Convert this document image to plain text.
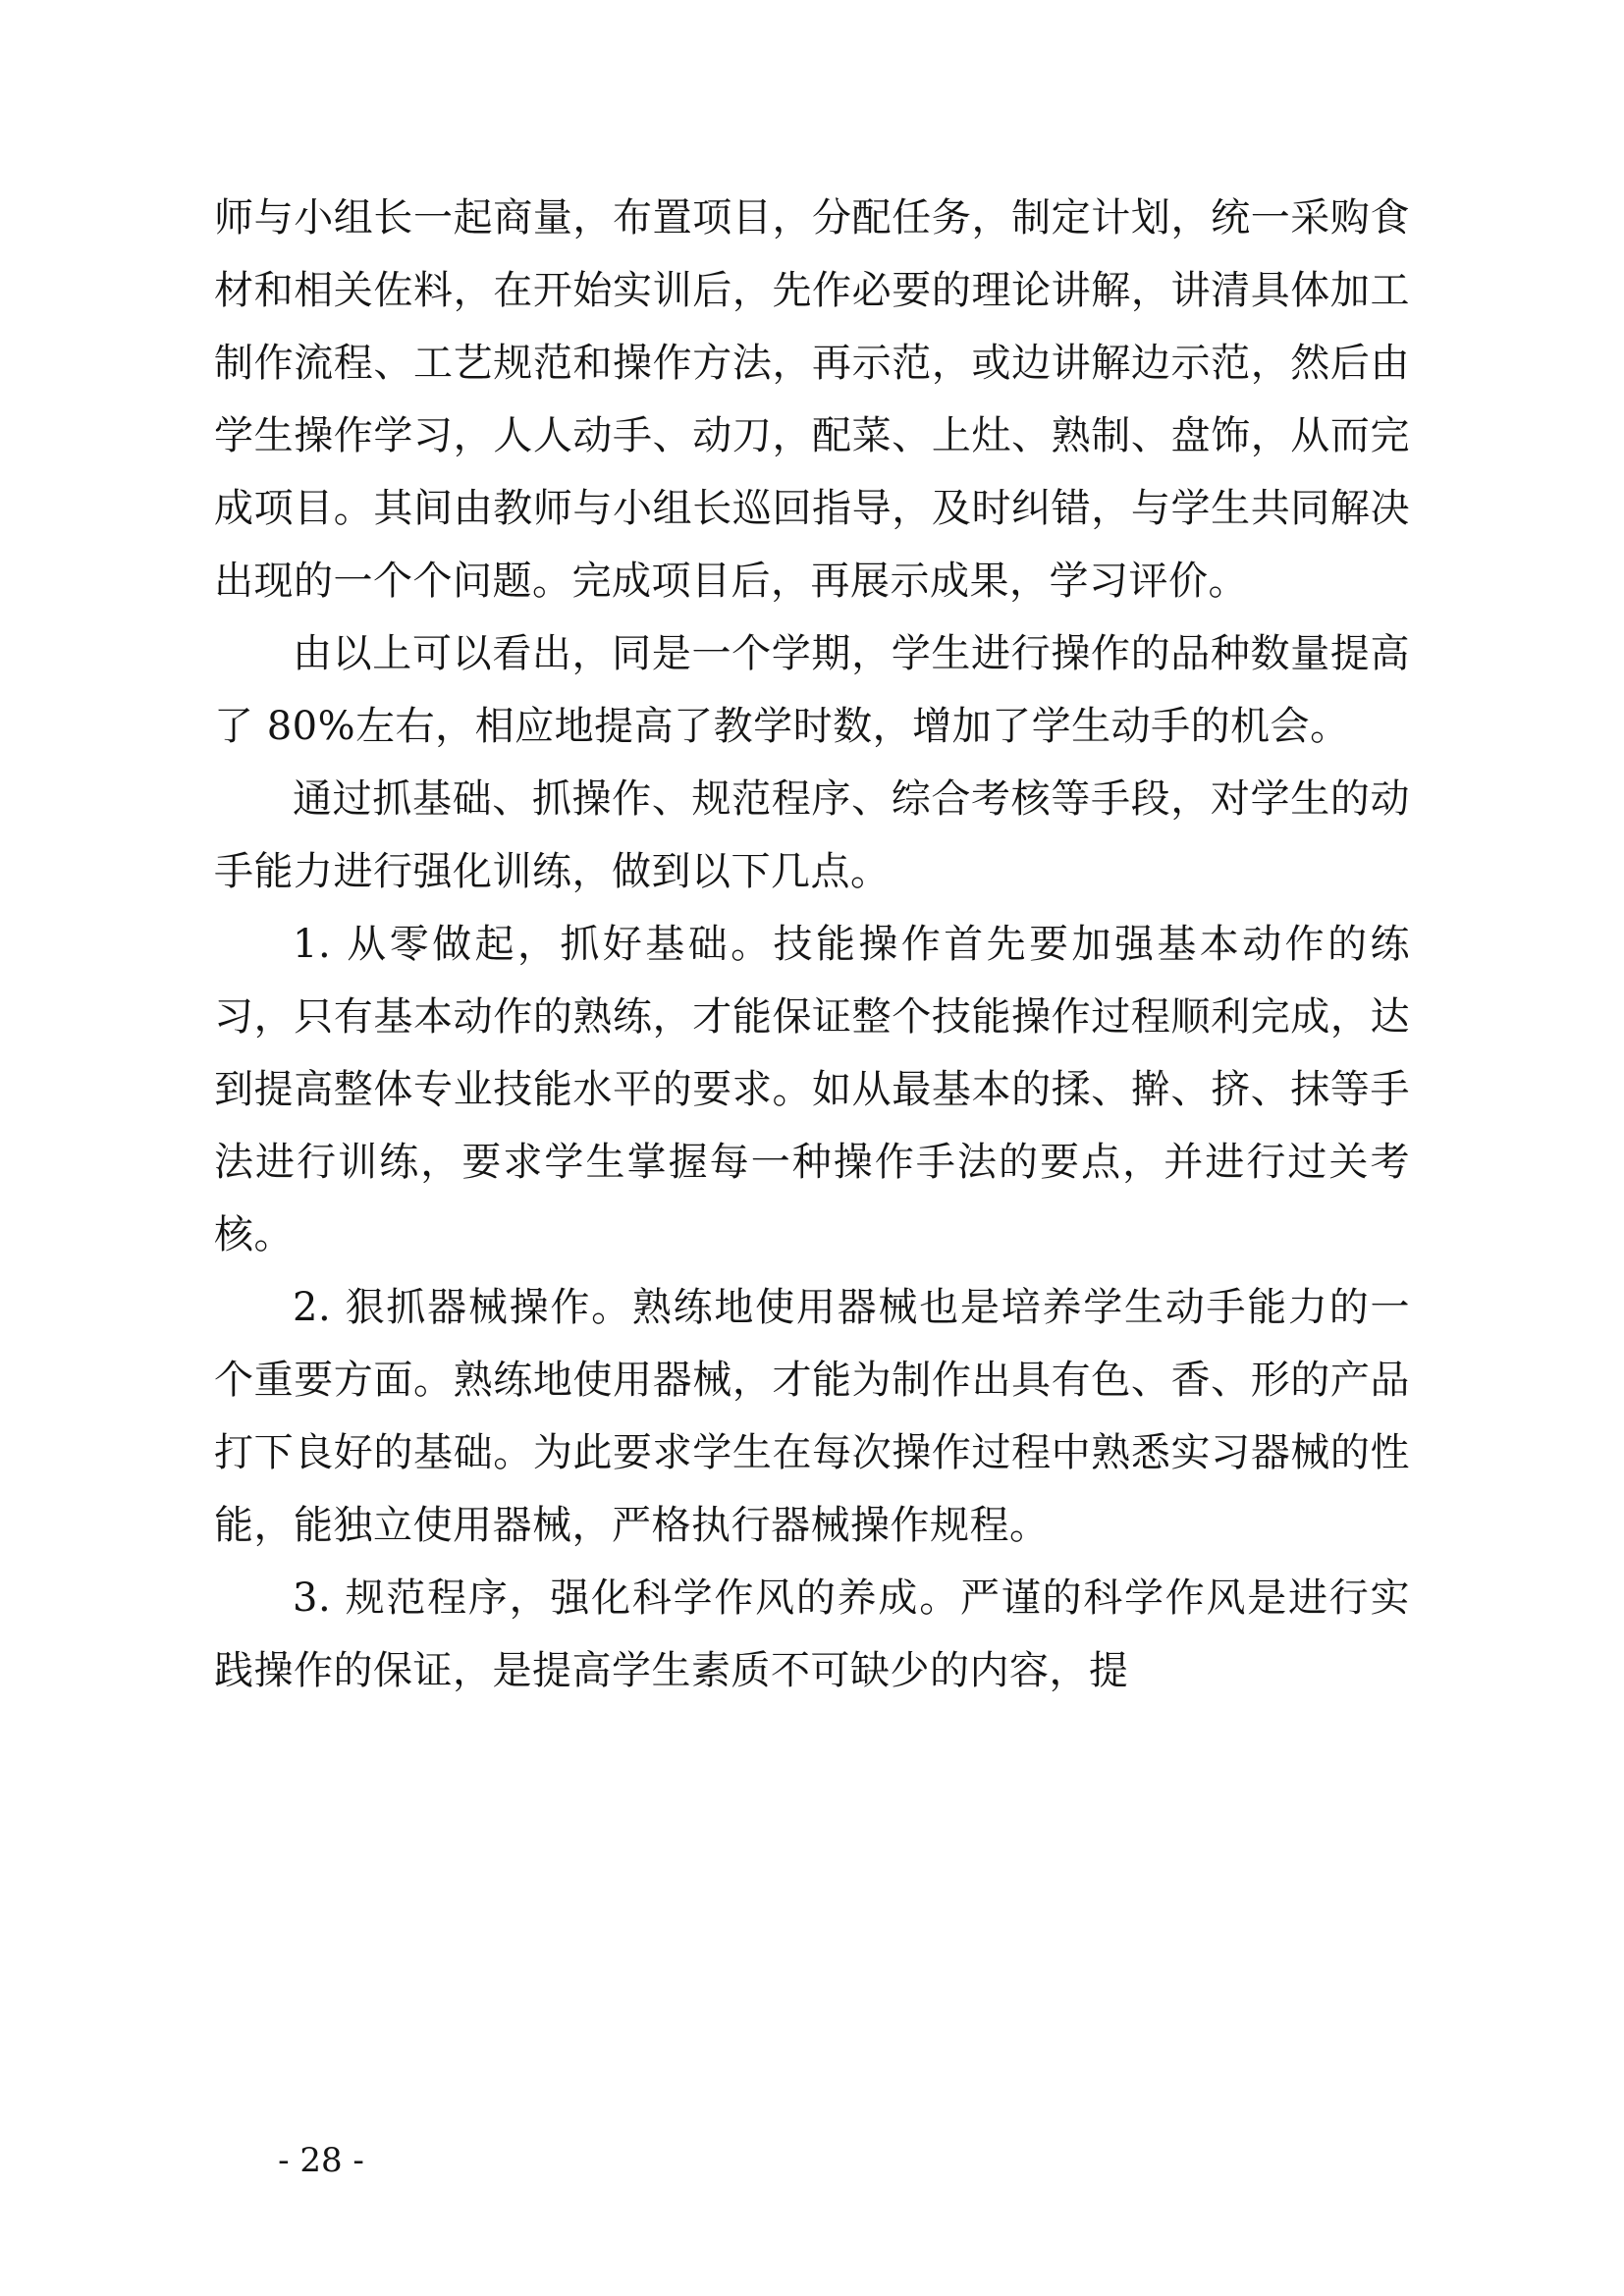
师与小组长一起商量，布置项目，分配任务，制定计划，统一采购食材和相关佐料，在开始实训后，先作必要的理论讲解，讲清具体加工制作流程、工艺规范和操作方法，再示范，或边讲解边示范，然后由学生操作学习，人人动手、动刀，配菜、上灶、熟制、盘饰，从而完成项目。其间由教师与小组长巡回指导，及时纠错，与学生共同解决出现的一个个问题。完成项目后，再展示成果，学习评价。

由以上可以看出，同是一个学期，学生进行操作的品种数量提高了 80%左右，相应地提高了教学时数，增加了学生动手的机会。

通过抓基础、抓操作、规范程序、综合考核等手段，对学生的动手能力进行强化训练，做到以下几点。

1. 从零做起，抓好基础。技能操作首先要加强基本动作的练习，只有基本动作的熟练，才能保证整个技能操作过程顺利完成，达到提高整体专业技能水平的要求。如从最基本的揉、擀、挤、抹等手法进行训练，要求学生掌握每一种操作手法的要点，并进行过关考核。

2. 狠抓器械操作。熟练地使用器械也是培养学生动手能力的一个重要方面。熟练地使用器械，才能为制作出具有色、香、形的产品打下良好的基础。为此要求学生在每次操作过程中熟悉实习器械的性能，能独立使用器械，严格执行器械操作规程。

3. 规范程序，强化科学作风的养成。严谨的科学作风是进行实践操作的保证，是提高学生素质不可缺少的内容，提

- 28 -
